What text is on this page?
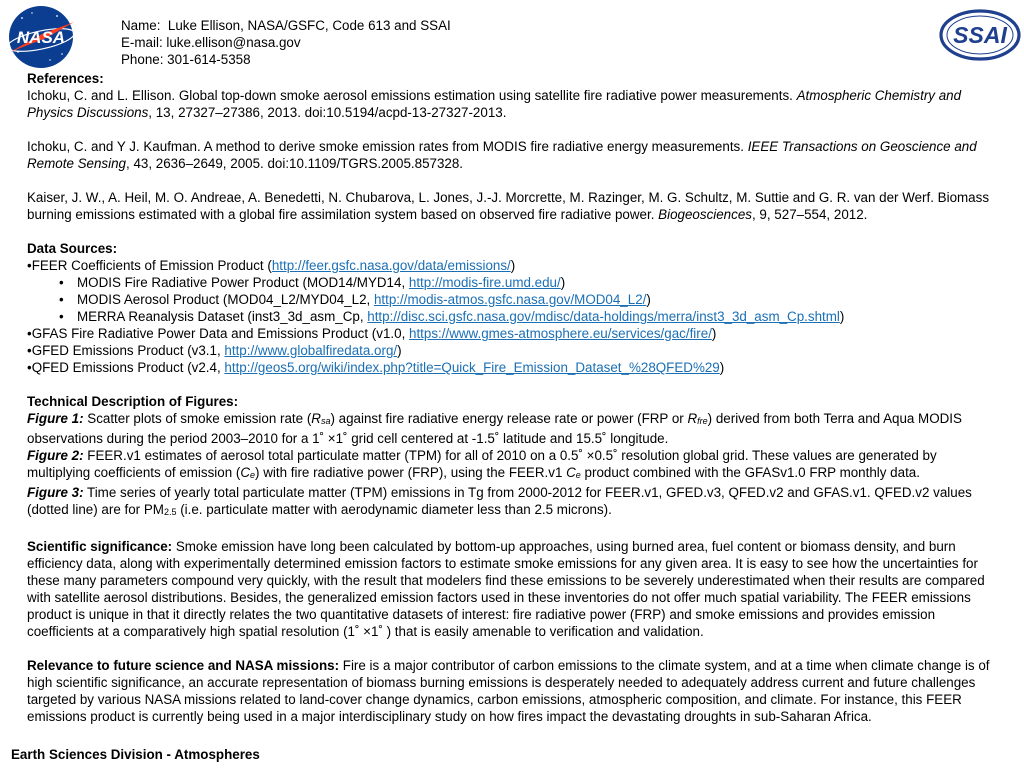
NASA	SSAI
Name:  Luke Ellison, NASA/GSFC, Code 613 and SSAI
E-mail: luke.ellison@nasa.gov
Phone: 301-614-5358

References:

Ichoku, C. and L. Ellison. Global top-down smoke aerosol emissions estimation using satellite fire radiative power measurements. Atmospheric Chemistry and Physics Discussions, 13, 27327–27386, 2013. doi:10.5194/acpd-13-27327-2013.

Ichoku, C. and Y J. Kaufman. A method to derive smoke emission rates from MODIS fire radiative energy measurements. IEEE Transactions on Geoscience and Remote Sensing, 43, 2636–2649, 2005. doi:10.1109/TGRS.2005.857328.

Kaiser, J. W., A. Heil, M. O. Andreae, A. Benedetti, N. Chubarova, L. Jones, J.-J. Morcrette, M. Razinger, M. G. Schultz, M. Suttie and G. R. van der Werf. Biomass burning emissions estimated with a global fire assimilation system based on observed fire radiative power. Biogeosciences, 9, 527–554, 2012.

Data Sources:

•FEER Coefficients of Emission Product (http://feer.gsfc.nasa.gov/data/emissions/)

• MODIS Fire Radiative Power Product (MOD14/MYD14, http://modis-fire.umd.edu/)

• MODIS Aerosol Product (MOD04_L2/MYD04_L2, http://modis-atmos.gsfc.nasa.gov/MOD04_L2/)

• MERRA Reanalysis Dataset (inst3_3d_asm_Cp, http://disc.sci.gsfc.nasa.gov/mdisc/data-holdings/merra/inst3_3d_asm_Cp.shtml)

•GFAS Fire Radiative Power Data and Emissions Product (v1.0, https://www.gmes-atmosphere.eu/services/gac/fire/)

•GFED Emissions Product (v3.1, http://www.globalfiredata.org/)

•QFED Emissions Product (v2.4, http://geos5.org/wiki/index.php?title=Quick_Fire_Emission_Dataset_%28QFED%29)

Technical Description of Figures:

Figure 1: Scatter plots of smoke emission rate (Rsa) against fire radiative energy release rate or power (FRP or Rfre) derived from both Terra and Aqua MODIS observations during the period 2003–2010 for a 1˚ ×1˚ grid cell centered at -1.5˚ latitude and 15.5˚ longitude.

Figure 2: FEER.v1 estimates of aerosol total particulate matter (TPM) for all of 2010 on a 0.5˚ ×0.5˚ resolution global grid. These values are generated by multiplying coefficients of emission (Ce) with fire radiative power (FRP), using the FEER.v1 Ce product combined with the GFASv1.0 FRP monthly data.

Figure 3: Time series of yearly total particulate matter (TPM) emissions in Tg from 2000-2012 for FEER.v1, GFED.v3, QFED.v2 and GFAS.v1. QFED.v2 values (dotted line) are for PM2.5 (i.e. particulate matter with aerodynamic diameter less than 2.5 microns).

Scientific significance: Smoke emission have long been calculated by bottom-up approaches, using burned area, fuel content or biomass density, and burn efficiency data, along with experimentally determined emission factors to estimate smoke emissions for any given area. It is easy to see how the uncertainties for these many parameters compound very quickly, with the result that modelers find these emissions to be severely underestimated when their results are compared with satellite aerosol distributions. Besides, the generalized emission factors used in these inventories do not offer much spatial variability. The FEER emissions product is unique in that it directly relates the two quantitative datasets of interest: fire radiative power (FRP) and smoke emissions and provides emission coefficients at a comparatively high spatial resolution (1˚ ×1˚ ) that is easily amenable to verification and validation.

Relevance to future science and NASA missions: Fire is a major contributor of carbon emissions to the climate system, and at a time when climate change is of high scientific significance, an accurate representation of biomass burning emissions is desperately needed to adequately address current and future challenges targeted by various NASA missions related to land-cover change dynamics, carbon emissions, atmospheric composition, and climate. For instance, this FEER emissions product is currently being used in a major interdisciplinary study on how fires impact the devastating droughts in sub-Saharan Africa.

Earth Sciences Division - Atmospheres
